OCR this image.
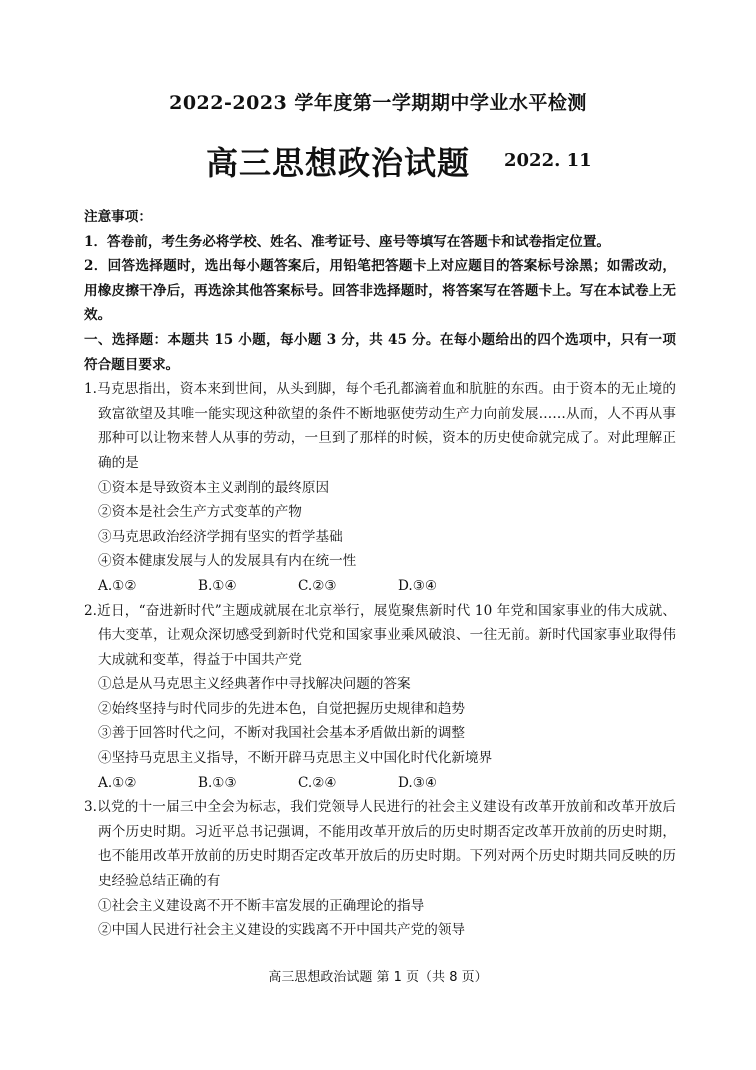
2022-2023 学年度第一学期期中学业水平检测
高三思想政治试题 2022. 11
注意事项：
1．答卷前，考生务必将学校、姓名、准考证号、座号等填写在答题卡和试卷指定位置。
2．回答选择题时，选出每小题答案后，用铅笔把答题卡上对应题目的答案标号涂黑；如需改动，用橡皮擦干净后，再选涂其他答案标号。回答非选择题时，将答案写在答题卡上。写在本试卷上无效。
一、选择题：本题共 15 小题，每小题 3 分，共 45 分。在每小题给出的四个选项中，只有一项符合题目要求。
1.马克思指出，资本来到世间，从头到脚，每个毛孔都滴着血和肮脏的东西。由于资本的无止境的致富欲望及其唯一能实现这种欲望的条件不断地驱使劳动生产力向前发展……从而，人不再从事那种可以让物来替人从事的劳动，一旦到了那样的时候，资本的历史使命就完成了。对此理解正确的是
①资本是导致资本主义剥削的最终原因
②资本是社会生产方式变革的产物
③马克思政治经济学拥有坚实的哲学基础
④资本健康发展与人的发展具有内在统一性
A.①②	B.①④	C.②③	D.③④
2.近日，“奋进新时代”主题成就展在北京举行，展览聚焦新时代 10 年党和国家事业的伟大成就、伟大变革，让观众深切感受到新时代党和国家事业乘风破浪、一往无前。新时代国家事业取得伟大成就和变革，得益于中国共产党
①总是从马克思主义经典著作中寻找解决问题的答案
②始终坚持与时代同步的先进本色，自觉把握历史规律和趋势
③善于回答时代之问，不断对我国社会基本矛盾做出新的调整
④坚持马克思主义指导，不断开辟马克思主义中国化时代化新境界
A.①②	B.①③	C.②④	D.③④
3.以党的十一届三中全会为标志，我们党领导人民进行的社会主义建设有改革开放前和改革开放后两个历史时期。习近平总书记强调，不能用改革开放后的历史时期否定改革开放前的历史时期，也不能用改革开放前的历史时期否定改革开放后的历史时期。下列对两个历史时期共同反映的历史经验总结正确的有
①社会主义建设离不开不断丰富发展的正确理论的指导
②中国人民进行社会主义建设的实践离不开中国共产党的领导
高三思想政治试题 第 1 页（共 8 页）
